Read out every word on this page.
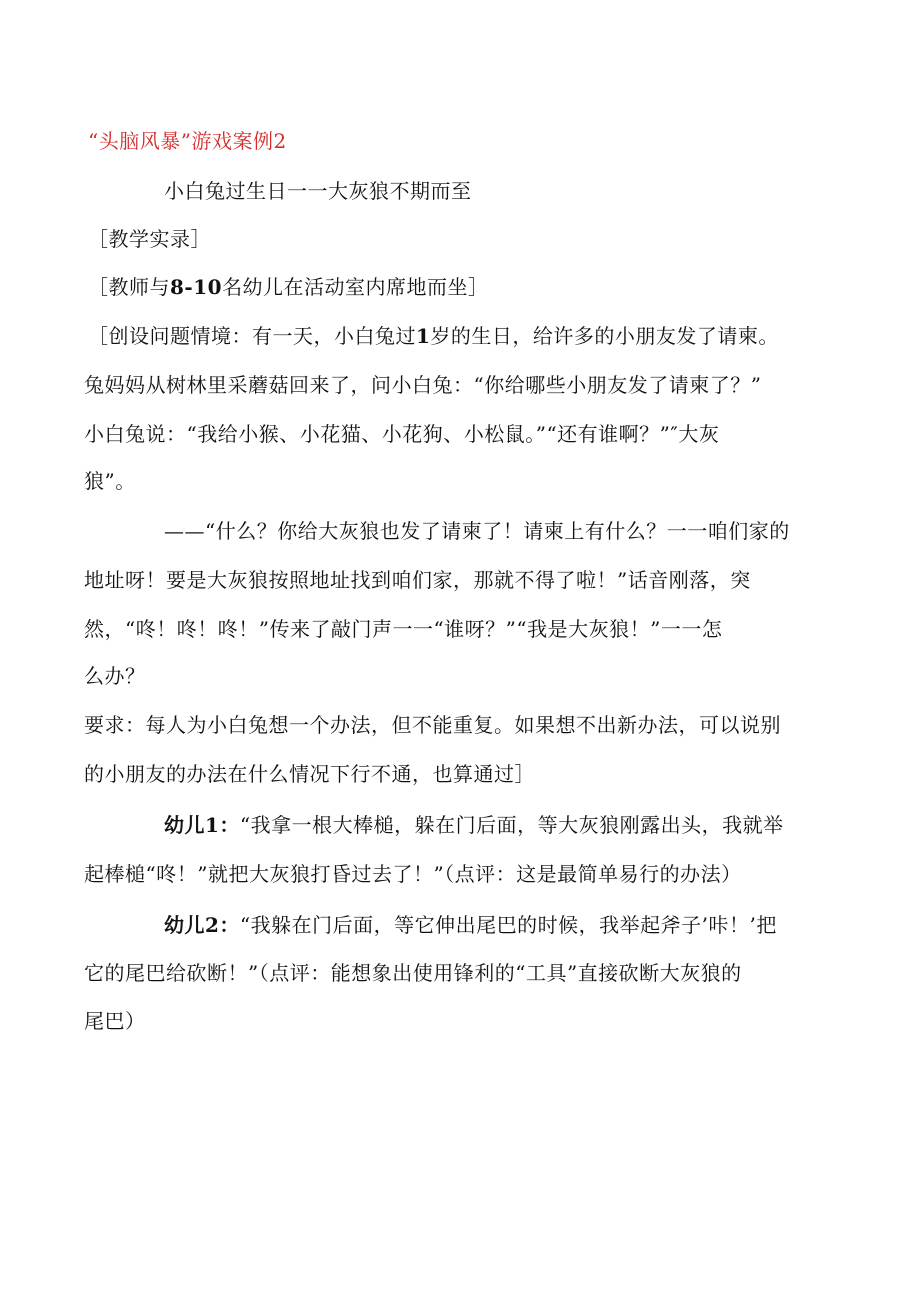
“头脑风暴”游戏案例2
小白兔过生日一一大灰狼不期而至
［教学实录］
［教师与8-10名幼儿在活动室内席地而坐］
［创设问题情境：有一天，小白兔过1岁的生日，给许多的小朋友发了请柬。
兔妈妈从树林里采蘑菇回来了，问小白兔：“你给哪些小朋友发了请柬了？”
小白兔说：“我给小猴、小花猫、小花狗、小松鼠。”“还有谁啊？”″大灰
狼”。
——“什么？你给大灰狼也发了请柬了！请柬上有什么？一一咱们家的
地址呀！要是大灰狼按照地址找到咱们家，那就不得了啦！”话音刚落，突
然，“咚！咚！咚！”传来了敲门声一一“谁呀？”“我是大灰狼！”一一怎
么办？
要求：每人为小白兔想一个办法，但不能重复。如果想不出新办法，可以说别
的小朋友的办法在什么情况下行不通，也算通过］
幼儿1：“我拿一根大棒槌，躲在门后面，等大灰狼刚露出头，我就举
起棒槌“咚！”就把大灰狼打昏过去了！”（点评：这是最简单易行的办法）
幼儿2：“我躲在门后面，等它伸出尾巴的时候，我举起斧子’咔！’把
它的尾巴给砍断！”（点评：能想象出使用锋利的“工具”直接砍断大灰狼的
尾巴）
